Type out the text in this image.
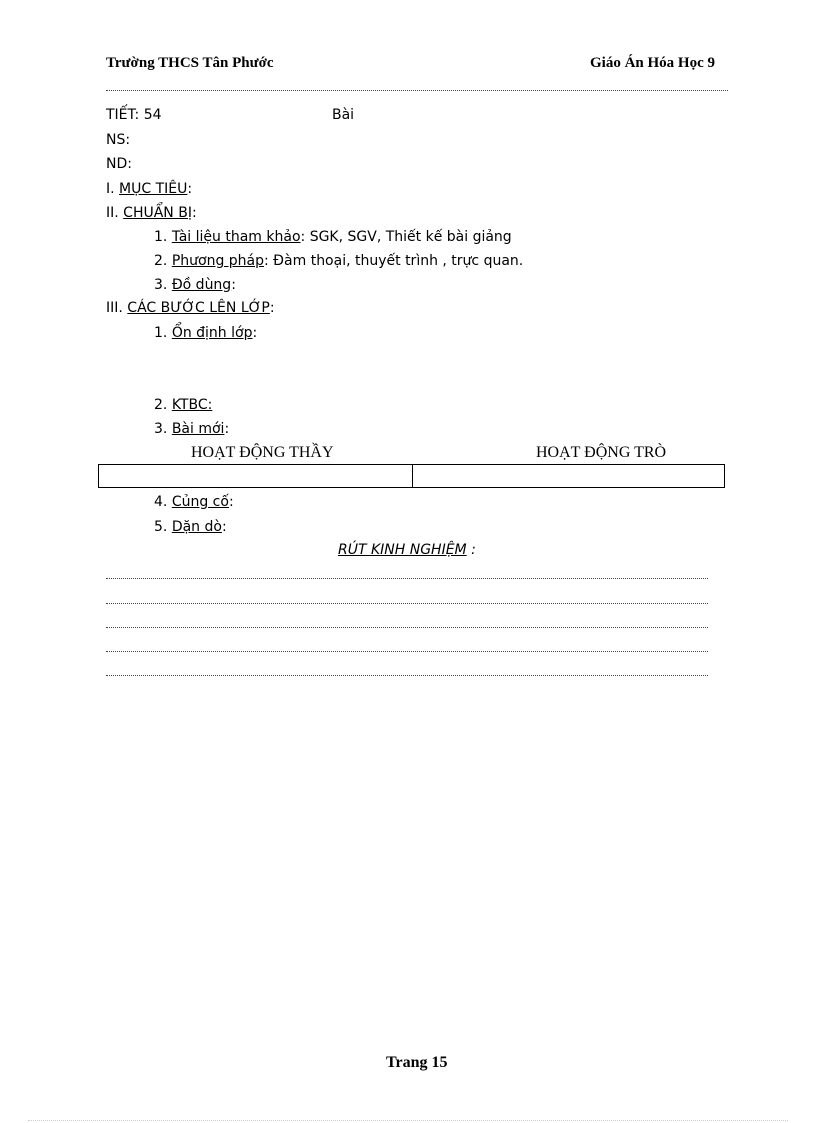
Trường THCS Tân Phước	Giáo Án Hóa Học 9
TIẾT: 54	Bài
NS:
ND:
I. MỤC TIÊU:
II. CHUẨN BỊ:
1. Tài liệu tham khảo: SGK, SGV, Thiết kế bài giảng
2. Phương pháp: Đàm thoại, thuyết trình , trực quan.
3. Đồ dùng:
III. CÁC BƯỚC LÊN LỚP:
1. Ổn định lớp:
2. KTBC:
3. Bài mới:
HOẠT ĐỘNG THẦY	HOẠT ĐỘNG TRÒ
4. Củng cố:
5. Dặn dò:
RÚT KINH NGHIỆM :
Trang 15
